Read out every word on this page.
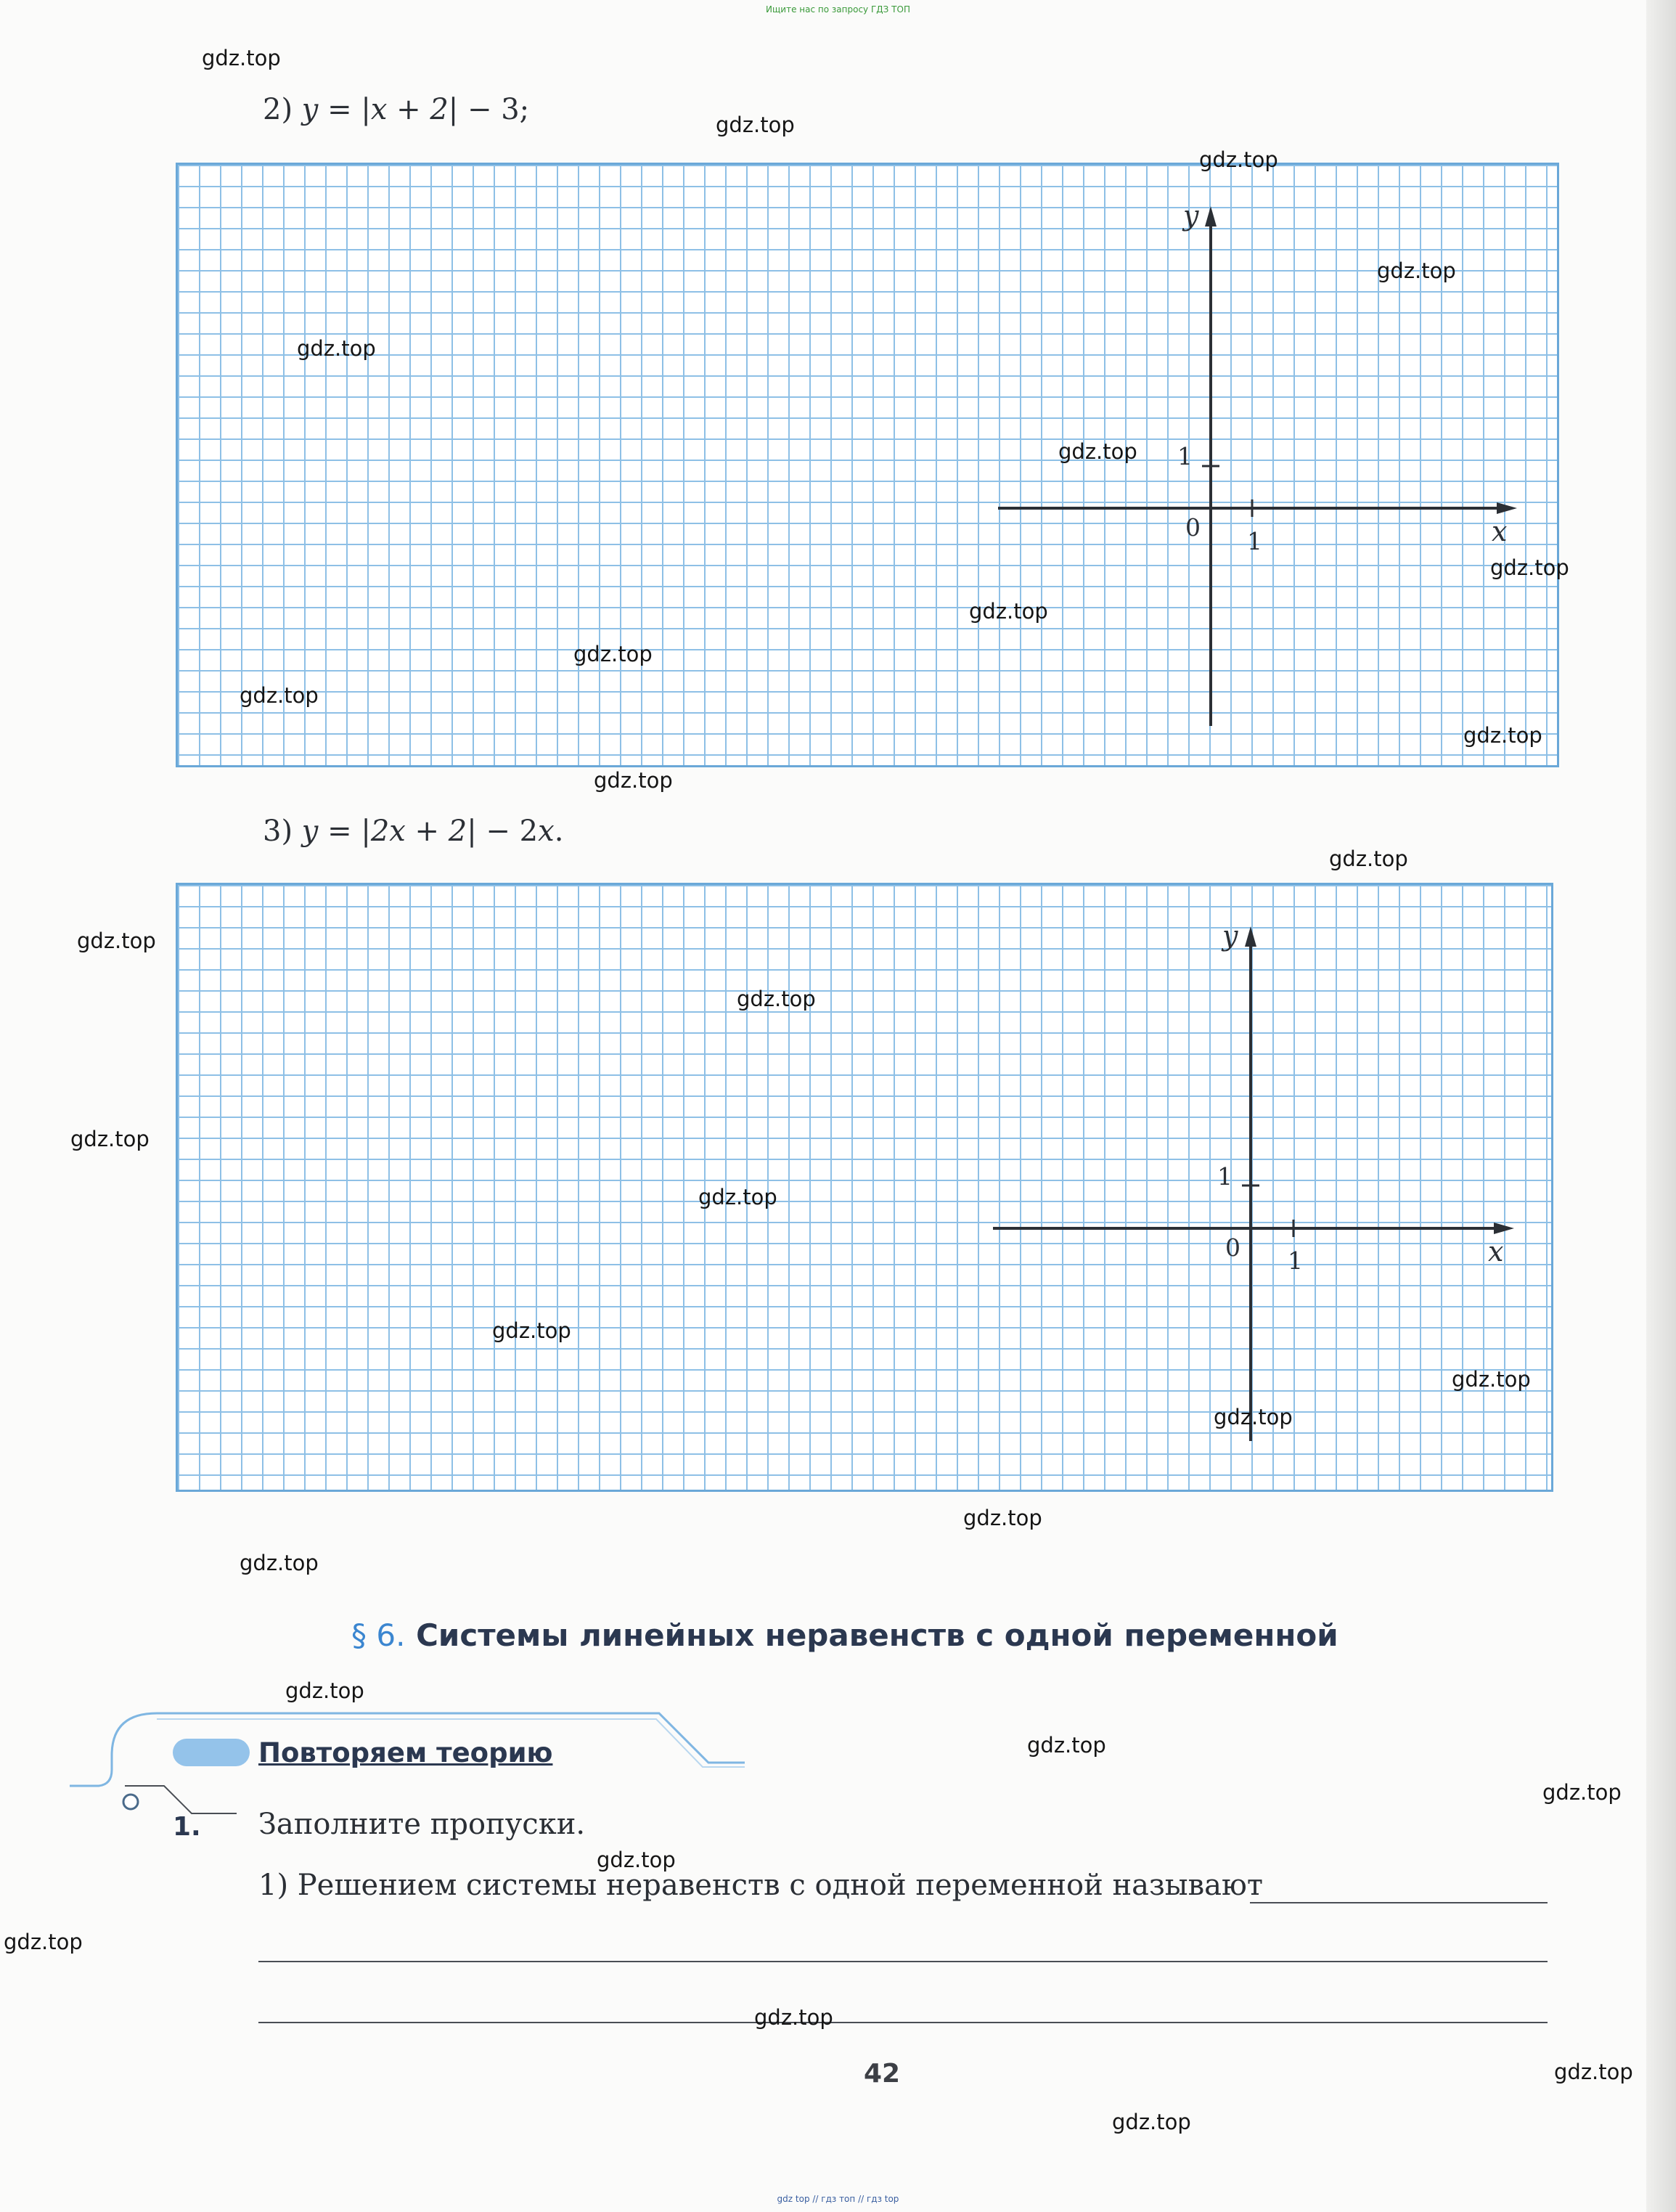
Ищите нас по запросу ГДЗ ТОП
2) y = |x + 2| − 3;
x
y
0 1
1
3) y = |2x + 2| − 2x.
x
y
0 1
1
§ 6. Системы линейных неравенств с одной переменной
Повторяем теорию
1. Заполните пропуски.
1) Решением системы неравенств с одной переменной называют
42
gdz.top
gdz.top
gdz.top
gdz.top
gdz.top
gdz.top
gdz.top
gdz.top
gdz.top
gdz.top
gdz.top
gdz.top
gdz.top
gdz.top
gdz.top
gdz.top
gdz.top
gdz.top
gdz.top
gdz.top
gdz.top
gdz.top
gdz.top
gdz.top
gdz.top
gdz.top
gdz.top
gdz.top
gdz.top
gdz.top
gdz top // гдз топ // гдз top
